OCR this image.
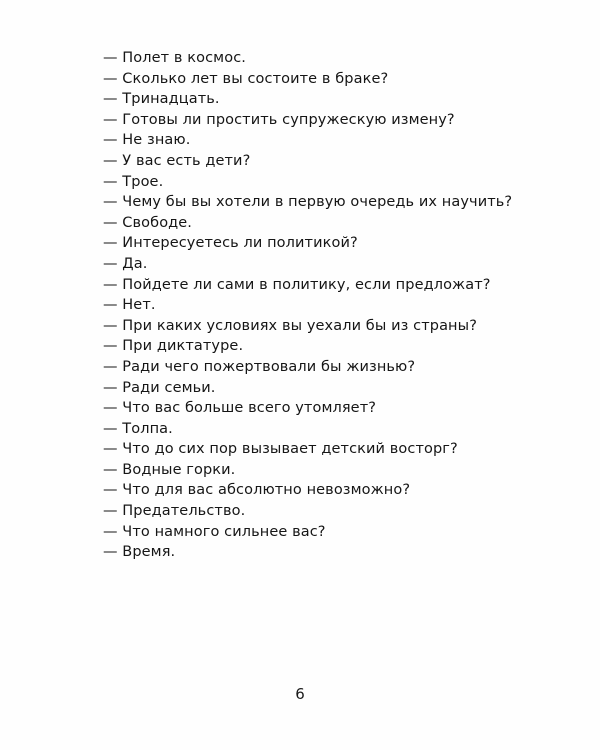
— Полет в космос.
— Сколько лет вы состоите в браке?
— Тринадцать.
— Готовы ли простить супружескую измену?
— Не знаю.
— У вас есть дети?
— Трое.
— Чему бы вы хотели в первую очередь их научить?
— Свободе.
— Интересуетесь ли политикой?
— Да.
— Пойдете ли сами в политику, если предложат?
— Нет.
— При каких условиях вы уехали бы из страны?
— При диктатуре.
— Ради чего пожертвовали бы жизнью?
— Ради семьи.
— Что вас больше всего утомляет?
— Толпа.
— Что до сих пор вызывает детский восторг?
— Водные горки.
— Что для вас абсолютно невозможно?
— Предательство.
— Что намного сильнее вас?
— Время.
6
